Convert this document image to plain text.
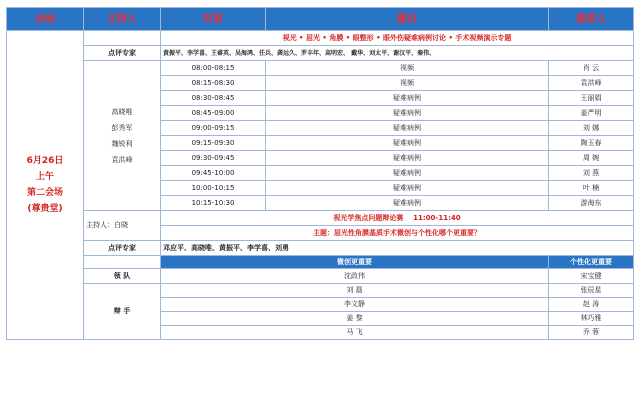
会场	主持人	时间	题目	演讲人

6月26日
上午
第二会场
(尊贵堂)		视光 • 屈光 • 角膜 • 眼整形 • 眼外伤疑难病例讨论 • 手术视频演示专题		
	点评专家	黄振平、李学喜、王睿英、吴海鸿、任兵、龚远久、罗丰年、高明宏、 戴华、刘太平、谢汉平、秦伟、		

	高晓唯
彭秀军
魏锐利
袁洪峰	08:00-08:15	视频	肖 云
		08:15-08:30	视频	袁洪峰
		08:30-08:45	疑难病例	王丽娟
		08:45-09:00	疑难病例	姜严明
		09:00-09:15	疑难病例	刘 娜
		09:15-09:30	疑难病例	陶玉春
		09:30-09:45	疑难病例	周 婉
		09:45-10:00	疑难病例	刘 燕
		10:00-10:15	疑难病例	叶 楠
		10:15-10:30	疑难病例	游海东
	主持人：白晓	视光学焦点问题辩论赛 11:00-11:40		
		主题：屈光性角膜基质手术微创与个性化哪个更重要？		
	点评专家	邓应平、高晓唯、黄振平、李学喜、刘勇		
		微创更重要		个性化更重要
	领 队	沈政伟		宋宝健
	辩 手	刘 磊		张辰星
		李文静		赵 涛
		姜 黎		林巧雅
		马 飞		乔 蓉
